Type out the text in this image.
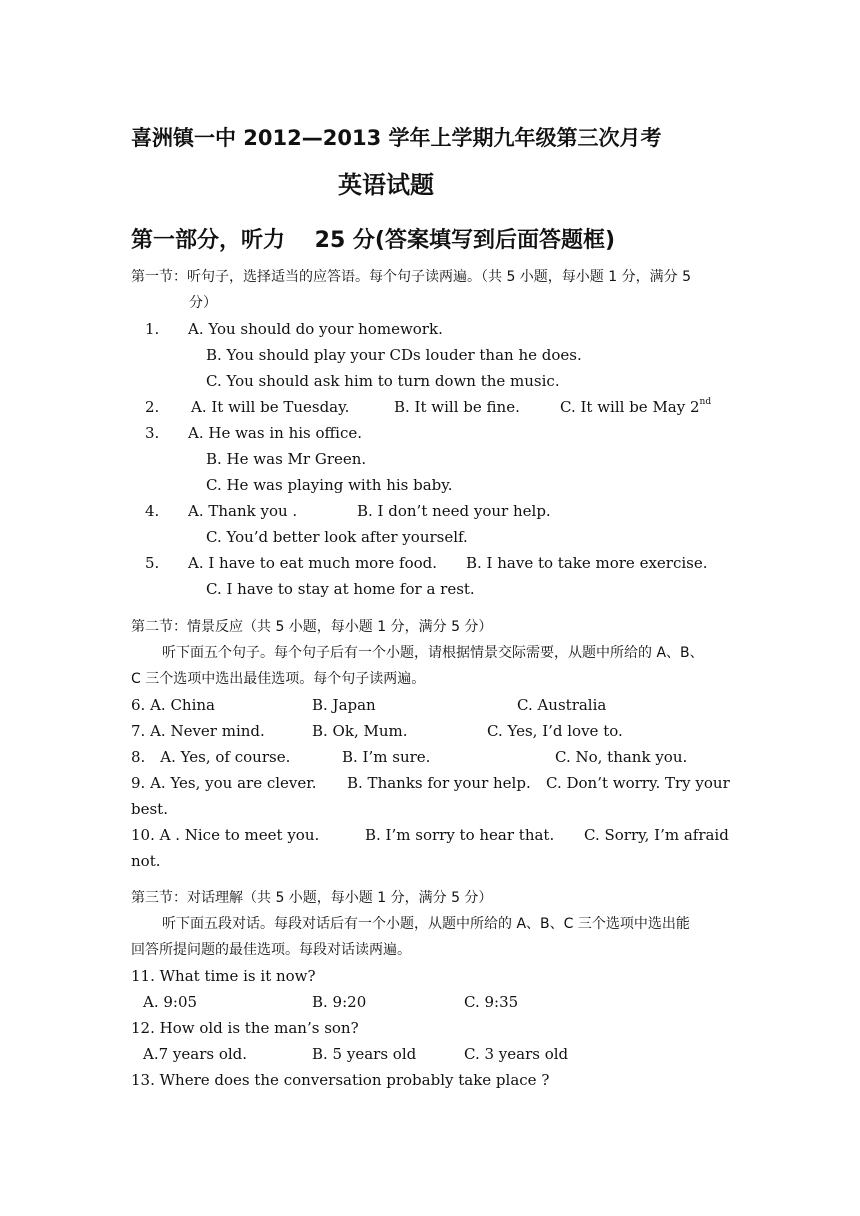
喜洲镇一中 2012—2013 学年上学期九年级第三次月考
英语试题
第一部分，听力　 25 分(答案填写到后面答题框)
第一节：听句子，选择适当的应答语。每个句子读两遍。（共 5 小题，每小题 1 分，满分 5
分）
1. A. You should do your homework.
B. You should play your CDs louder than he does.
C. You should ask him to turn down the music.
2. A. It will be Tuesday.	B. It will be fine.	C. It will be May 2nd
3. A. He was in his office.
B. He was Mr Green.
C. He was playing with his baby.
4. A. Thank you .	B. I don’t need your help.
C. You’d better look after yourself.
5. A. I have to eat much more food. B. I have to take more exercise.
C. I have to stay at home for a rest.
第二节：情景反应（共 5 小题，每小题 1 分，满分 5 分）
听下面五个句子。每个句子后有一个小题，请根据情景交际需要，从题中所给的 A、B、
C 三个选项中选出最佳选项。每个句子读两遍。
6. A. China	B. Japan	C. Australia
7. A. Never mind.	B. Ok, Mum.	C. Yes, I’d love to.
8.　A. Yes, of course.	B. I’m sure.	C. No, thank you.
9. A. Yes, you are clever. B. Thanks for your help. C. Don’t worry. Try your
best.
10. A . Nice to meet you.	B. I’m sorry to hear that. C. Sorry, I’m afraid
not.
第三节：对话理解（共 5 小题，每小题 1 分，满分 5 分）
听下面五段对话。每段对话后有一个小题，从题中所给的 A、B、C 三个选项中选出能
回答所提问题的最佳选项。每段对话读两遍。
11. What time is it now?
A. 9:05	B. 9:20	C. 9:35
12. How old is the man’s son?
A.7 years old.	B. 5 years old	C. 3 years old
13. Where does the conversation probably take place ?
